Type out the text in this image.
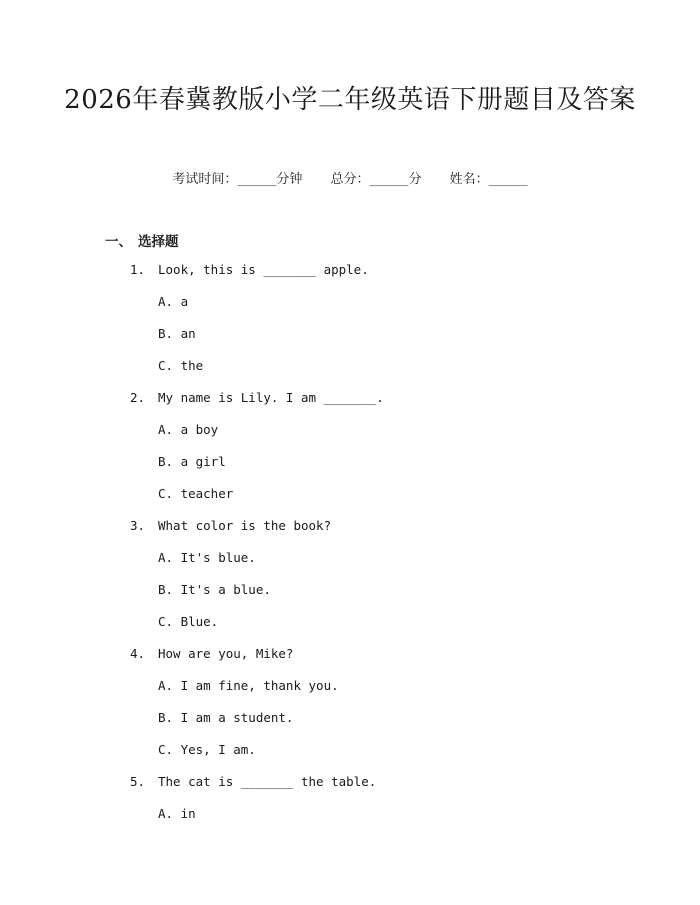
2026年春冀教版小学二年级英语下册题目及答案
考试时间：______分钟 总分：______分 姓名：______
一、 选择题
1. Look, this is _______ apple.
A. a
B. an
C. the
2. My name is Lily. I am _______.
A. a boy
B. a girl
C. teacher
3. What color is the book?
A. It's blue.
B. It's a blue.
C. Blue.
4. How are you, Mike?
A. I am fine, thank you.
B. I am a student.
C. Yes, I am.
5. The cat is _______ the table.
A. in
